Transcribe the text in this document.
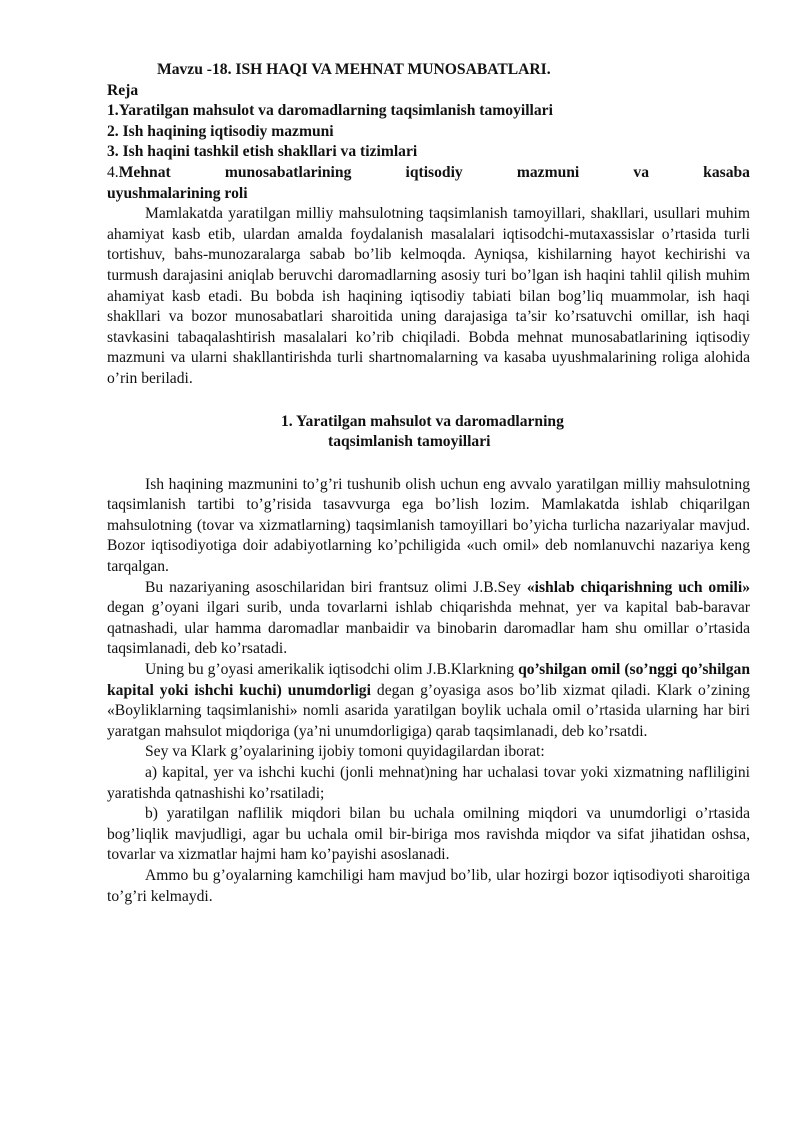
Mavzu -18. ISH HAQI VA MEHNAT MUNOSABATLARI.
Reja
1.Yaratilgan mahsulot va daromadlarning taqsimlanish tamoyillari
2. Ish haqining iqtisodiy mazmuni
3. Ish haqini tashkil etish shakllari va tizimlari
4.Mehnat	munosabatlarining	iqtisodiy	mazmuni	va	kasaba
uyushmalarining roli

Mamlakatda yaratilgan milliy mahsulotning taqsimlanish tamoyillari, shakllari, usullari muhim ahamiyat kasb etib, ulardan amalda foydalanish masalalari iqtisodchi-mutaxassislar o’rtasida turli tortishuv, bahs-munozaralarga sabab bo’lib kelmoqda. Ayniqsa, kishilarning hayot kechirishi va turmush darajasini aniqlab beruvchi daromadlarning asosiy turi bo’lgan ish haqini tahlil qilish muhim ahamiyat kasb etadi. Bu bobda ish haqining iqtisodiy tabiati bilan bog’liq muammolar, ish haqi shakllari va bozor munosabatlari sharoitida uning darajasiga ta’sir ko’rsatuvchi omillar, ish haqi stavkasini tabaqalashtirish masalalari ko’rib chiqiladi. Bobda mehnat munosabatlarining iqtisodiy mazmuni va ularni shakllantirishda turli shartnomalarning va kasaba uyushmalarining roliga alohida o’rin beriladi.

1. Yaratilgan mahsulot va daromadlarning
taqsimlanish tamoyillari

Ish haqining mazmunini to’g’ri tushunib olish uchun eng avvalo yaratilgan milliy mahsulotning taqsimlanish tartibi to’g’risida tasavvurga ega bo’lish lozim. Mamlakatda ishlab chiqarilgan mahsulotning (tovar va xizmatlarning) taqsimlanish tamoyillari bo’yicha turlicha nazariyalar mavjud. Bozor iqtisodiyotiga doir adabiyotlarning ko’pchiligida «uch omil» deb nomlanuvchi nazariya keng tarqalgan.

Bu nazariyaning asoschilaridan biri frantsuz olimi J.B.Sey «ishlab chiqarishning uch omili» degan g’oyani ilgari surib, unda tovarlarni ishlab chiqarishda mehnat, yer va kapital bab-baravar qatnashadi, ular hamma daromadlar manbaidir va binobarin daromadlar ham shu omillar o’rtasida taqsimlanadi, deb ko’rsatadi.

Uning bu g’oyasi amerikalik iqtisodchi olim J.B.Klarkning qo’shilgan omil (so’nggi qo’shilgan kapital yoki ishchi kuchi) unumdorligi degan g’oyasiga asos bo’lib xizmat qiladi. Klark o’zining «Boyliklarning taqsimlanishi» nomli asarida yaratilgan boylik uchala omil o’rtasida ularning har biri yaratgan mahsulot miqdoriga (ya’ni unumdorligiga) qarab taqsimlanadi, deb ko’rsatdi.

Sey va Klark g’oyalarining ijobiy tomoni quyidagilardan iborat:

a) kapital, yer va ishchi kuchi (jonli mehnat)ning har uchalasi tovar yoki xizmatning nafliligini yaratishda qatnashishi ko’rsatiladi;

b) yaratilgan naflilik miqdori bilan bu uchala omilning miqdori va unumdorligi o’rtasida bog’liqlik mavjudligi, agar bu uchala omil bir-biriga mos ravishda miqdor va sifat jihatidan oshsa, tovarlar va xizmatlar hajmi ham ko’payishi asoslanadi.

Ammo bu g’oyalarning kamchiligi ham mavjud bo’lib, ular hozirgi bozor iqtisodiyoti sharoitiga to’g’ri kelmaydi.
